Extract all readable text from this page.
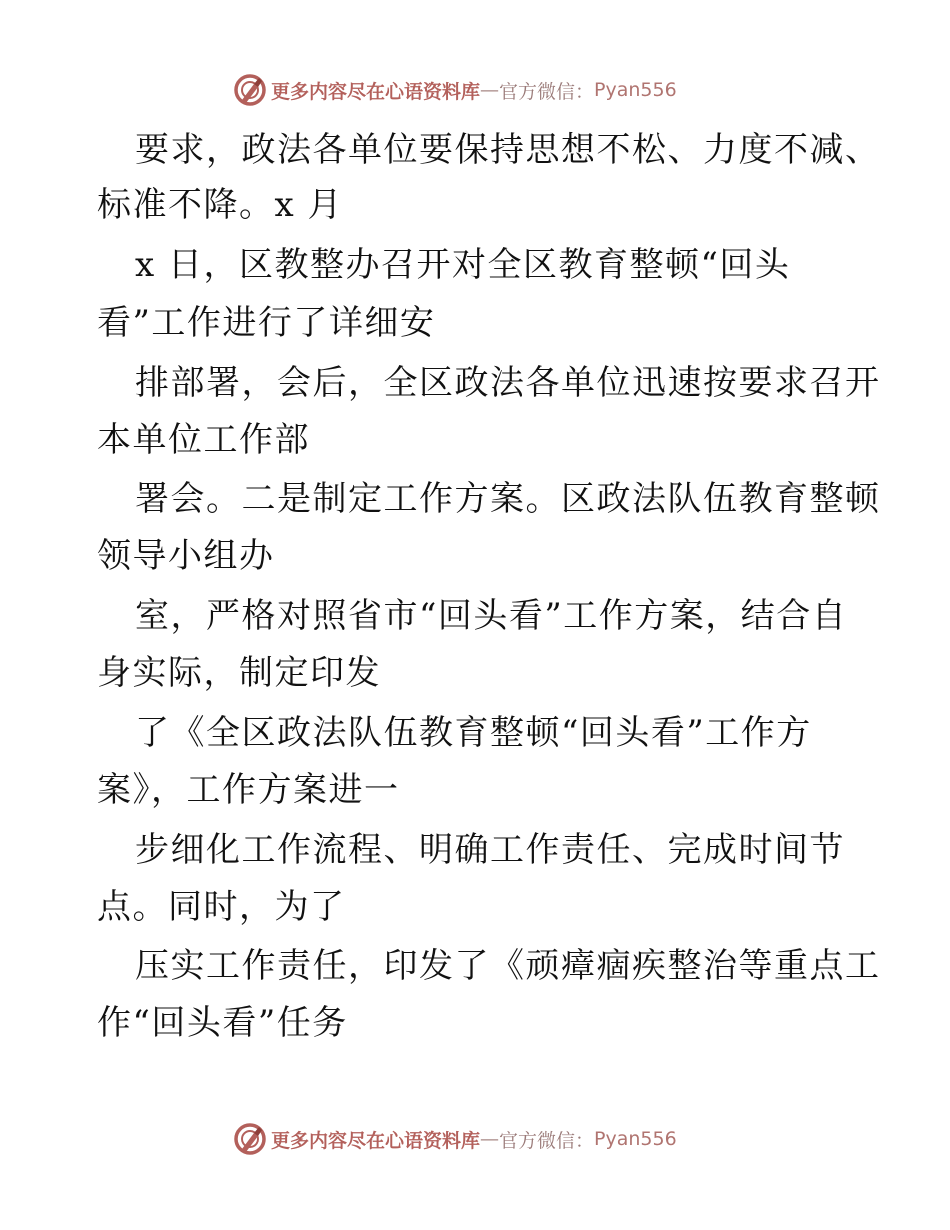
更多内容尽在心语资料库 — 官方微信： Pyan556
要求，政法各单位要保持思想不松、力度不减、
标准不降。x 月
x 日，区教整办召开对全区教育整顿“回头
看”工作进行了详细安
排部署，会后，全区政法各单位迅速按要求召开
本单位工作部
署会。二是制定工作方案。区政法队伍教育整顿
领导小组办
室，严格对照省市“回头看”工作方案，结合自
身实际，制定印发
了《全区政法队伍教育整顿“回头看”工作方
案》，工作方案进一
步细化工作流程、明确工作责任、完成时间节
点。同时，为了
压实工作责任，印发了《顽瘴痼疾整治等重点工
作“回头看”任务
更多内容尽在心语资料库 — 官方微信： Pyan556
